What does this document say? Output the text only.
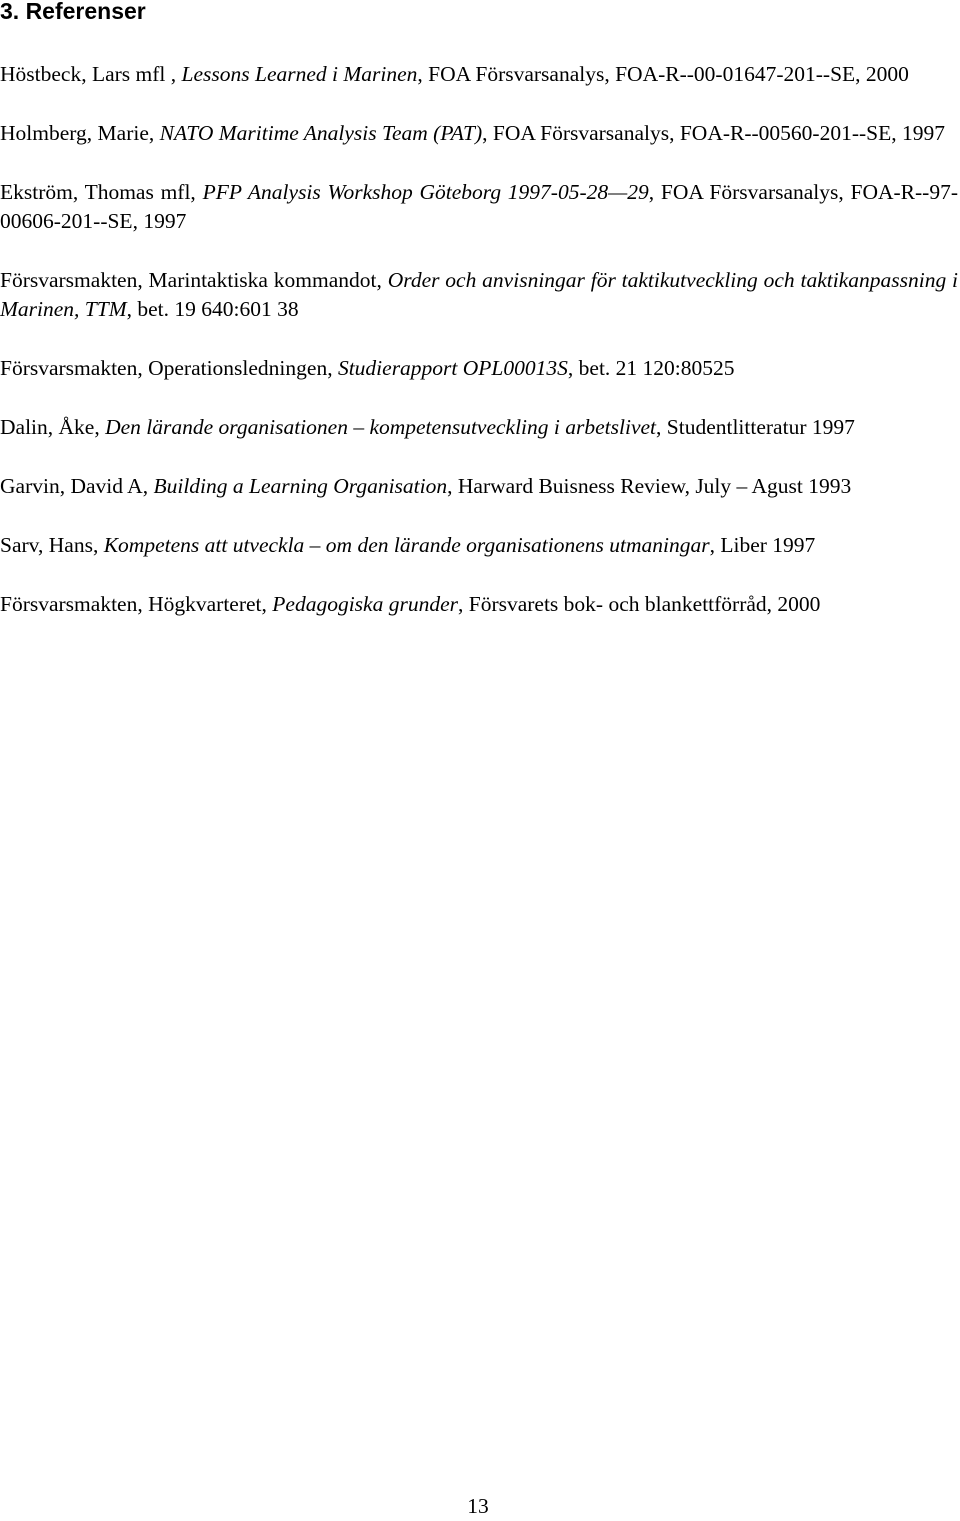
3. Referenser

Höstbeck, Lars mfl , Lessons Learned i Marinen, FOA Försvarsanalys, FOA-R--00-01647-201--SE, 2000

Holmberg, Marie, NATO Maritime Analysis Team (PAT), FOA Försvarsanalys, FOA-R--00560-201--SE, 1997

Ekström, Thomas mfl, PFP Analysis Workshop Göteborg 1997-05-28—29, FOA Försvarsanalys, FOA-R--97-00606-201--SE, 1997

Försvarsmakten, Marintaktiska kommandot, Order och anvisningar för taktikutveckling och taktikanpassning i Marinen, TTM, bet. 19 640:601 38

Försvarsmakten, Operationsledningen, Studierapport OPL00013S, bet. 21 120:80525

Dalin, Åke, Den lärande organisationen – kompetensutveckling i arbetslivet, Studentlitteratur 1997

Garvin, David A, Building a Learning Organisation, Harward Buisness Review, July – Agust 1993

Sarv, Hans, Kompetens att utveckla – om den lärande organisationens utmaningar, Liber 1997

Försvarsmakten, Högkvarteret, Pedagogiska grunder, Försvarets bok- och blankettförråd, 2000

13
